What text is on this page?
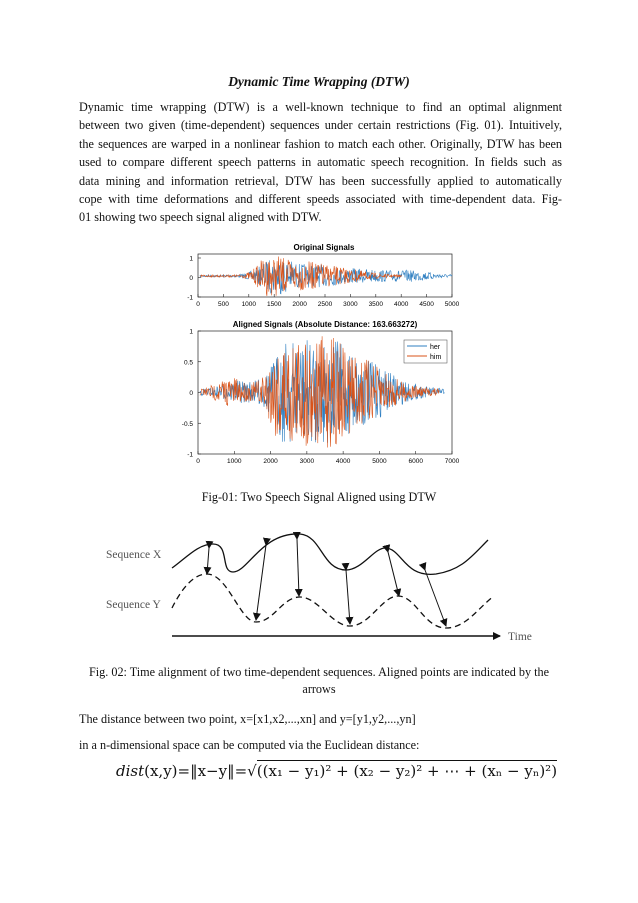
Dynamic Time Wrapping (DTW)
Dynamic time wrapping (DTW) is a well-known technique to find an optimal alignment
between two given (time-dependent) sequences under certain restrictions (Fig. 01). Intuitively,
the sequences are warped in a nonlinear fashion to match each other. Originally, DTW has been
used to compare different speech patterns in automatic speech recognition. In fields such as
data mining and information retrieval, DTW has been successfully applied to automatically
cope with time deformations and different speeds associated with time-dependent data. Fig-
01 showing two speech signal aligned with DTW.
Original Signals
1
0
-1
0	500 1000 1500 2000 2500 3000 3500 4000 4500 5000
Aligned Signals (Absolute Distance: 163.663272)
1
0.5
0
-0.5
-1
0	1000	2000	3000	4000	5000	6000	7000
her
him
Fig-01: Two Speech Signal Aligned using DTW
Sequence X
Sequence Y
Time
Fig. 02: Time alignment of two time-dependent sequences. Aligned points are indicated by the arrows
The distance between two point, x=[x1,x2,...,xn] and y=[y1,y2,...,yn]
in a n-dimensional space can be computed via the Euclidean distance:
dist(x,y)=‖x−y‖=√((x₁ − y₁)² + (x₂ − y₂)² + ⋯ + (xₙ − yₙ)²)
